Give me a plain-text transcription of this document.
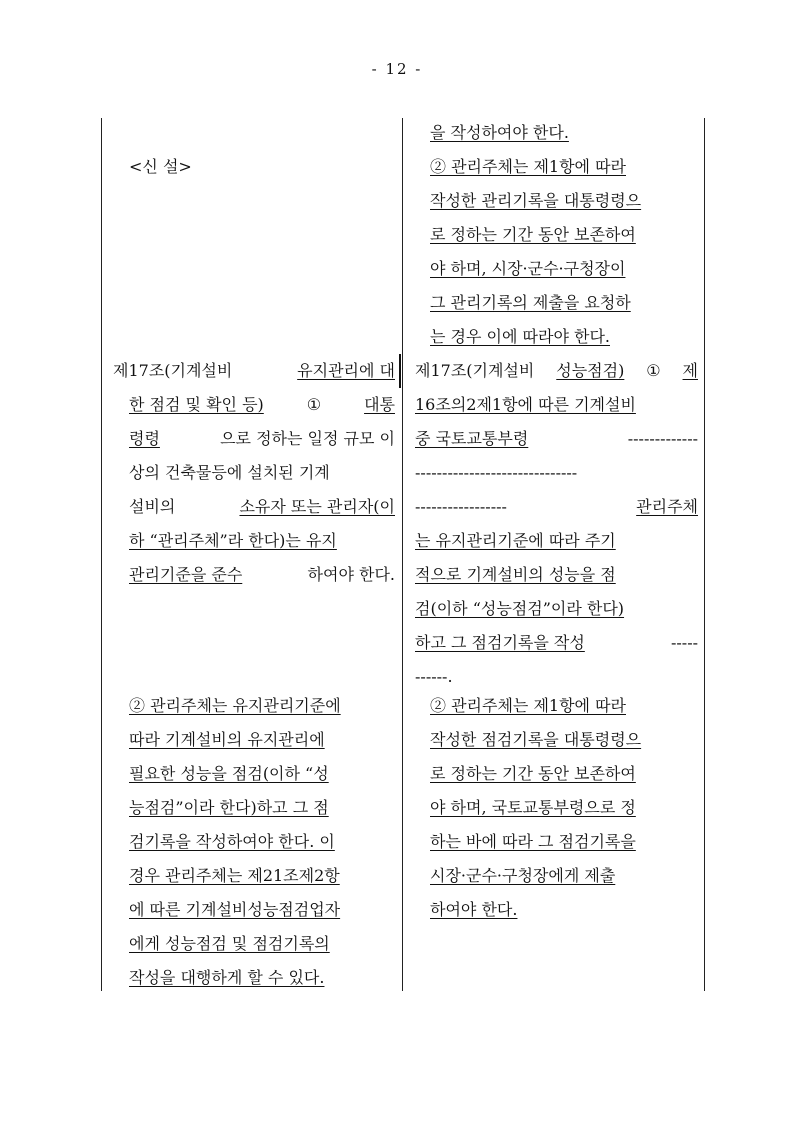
- 12 -
<신 설>
제17조(기계설비	유지관리에 대
한 점검 및 확인 등)	①	대통
령령	으로 정하는 일정 규모 이
상의 건축물등에 설치된 기계
설비의	소유자 또는 관리자(이
하 “관리주체”라 한다)는 유지
관리기준을 준수	하여야 한다.
② 관리주체는 유지관리기준에
따라 기계설비의 유지관리에
필요한 성능을 점검(이하 “성
능점검”이라 한다)하고 그 점
검기록을 작성하여야 한다. 이
경우 관리주체는 제21조제2항
에 따른 기계설비성능점검업자
에게 성능점검 및 점검기록의
작성을 대행하게 할 수 있다.
을 작성하여야 한다.
② 관리주체는 제1항에 따라
작성한 관리기록을 대통령령으
로 정하는 기간 동안 보존하여
야 하며, 시장·군수·구청장이
그 관리기록의 제출을 요청하
는 경우 이에 따라야 한다.
제17조(기계설비 성능점검) ① 제
16조의2제1항에 따른 기계설비
중 국토교통부령	-------------
------------------------------
-----------------	관리주체
는 유지관리기준에 따라 주기
적으로 기계설비의 성능을 점
검(이하 “성능점검”이라 한다)
하고 그 점검기록을 작성	-----
------.
② 관리주체는 제1항에 따라
작성한 점검기록을 대통령령으
로 정하는 기간 동안 보존하여
야 하며, 국토교통부령으로 정
하는 바에 따라 그 점검기록을
시장·군수·구청장에게 제출
하여야 한다.
